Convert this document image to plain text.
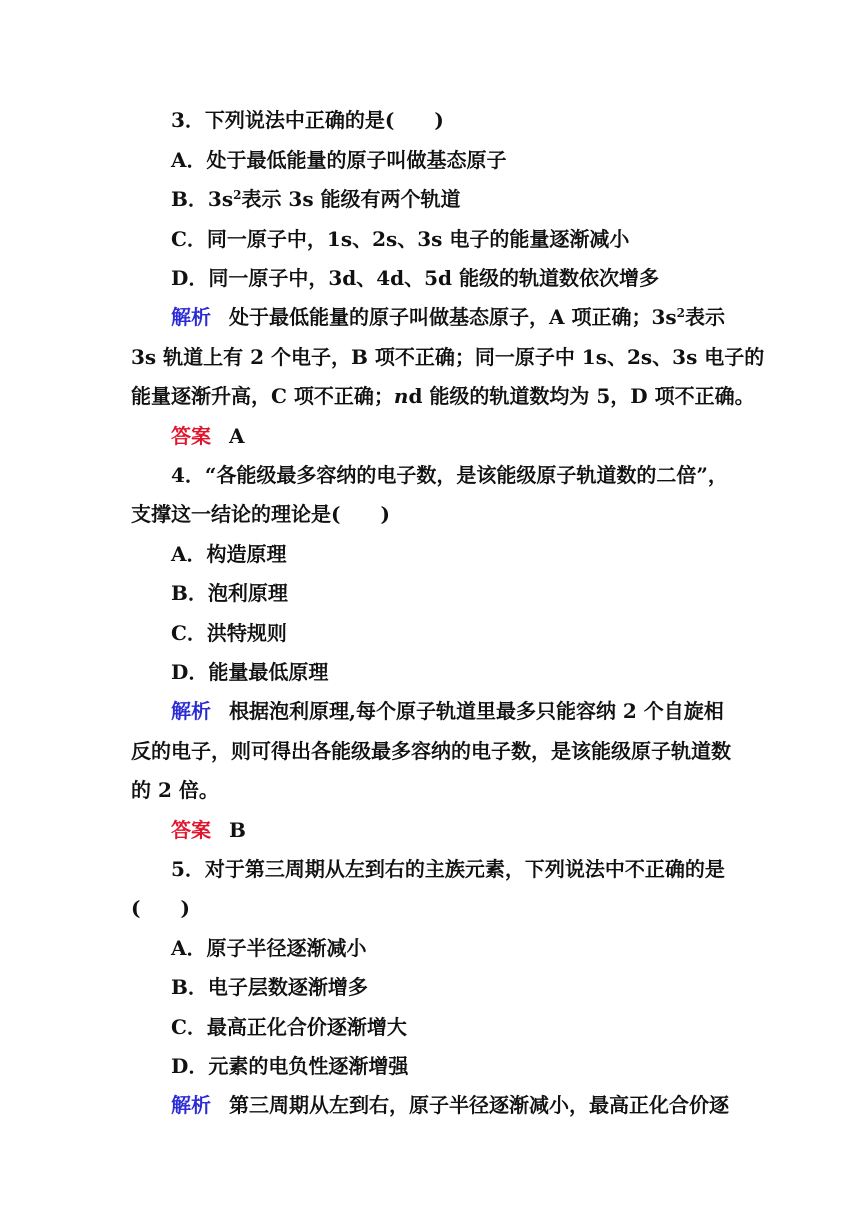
3．下列说法中正确的是(　　)
A．处于最低能量的原子叫做基态原子
B．$3s^2$表示 3s 能级有两个轨道
C．同一原子中，1s、2s、3s 电子的能量逐渐减小
D．同一原子中，3d、4d、5d 能级的轨道数依次增多
解析 处于最低能量的原子叫做基态原子，A 项正确；$3s^2$表示
3s 轨道上有 2 个电子，B 项不正确；同一原子中 1s、2s、3s 电子的
能量逐渐升高，C 项不正确；nd 能级的轨道数均为 5，D 项不正确。
答案 A
4．“各能级最多容纳的电子数，是该能级原子轨道数的二倍”，
支撑这一结论的理论是(　　)
A．构造原理
B．泡利原理
C．洪特规则
D．能量最低原理
解析 根据泡利原理,每个原子轨道里最多只能容纳 2 个自旋相
反的电子，则可得出各能级最多容纳的电子数，是该能级原子轨道数
的 2 倍。
答案 B
5．对于第三周期从左到右的主族元素，下列说法中不正确的是
(　　)
A．原子半径逐渐减小
B．电子层数逐渐增多
C．最高正化合价逐渐增大
D．元素的电负性逐渐增强
解析 第三周期从左到右，原子半径逐渐减小，最高正化合价逐
